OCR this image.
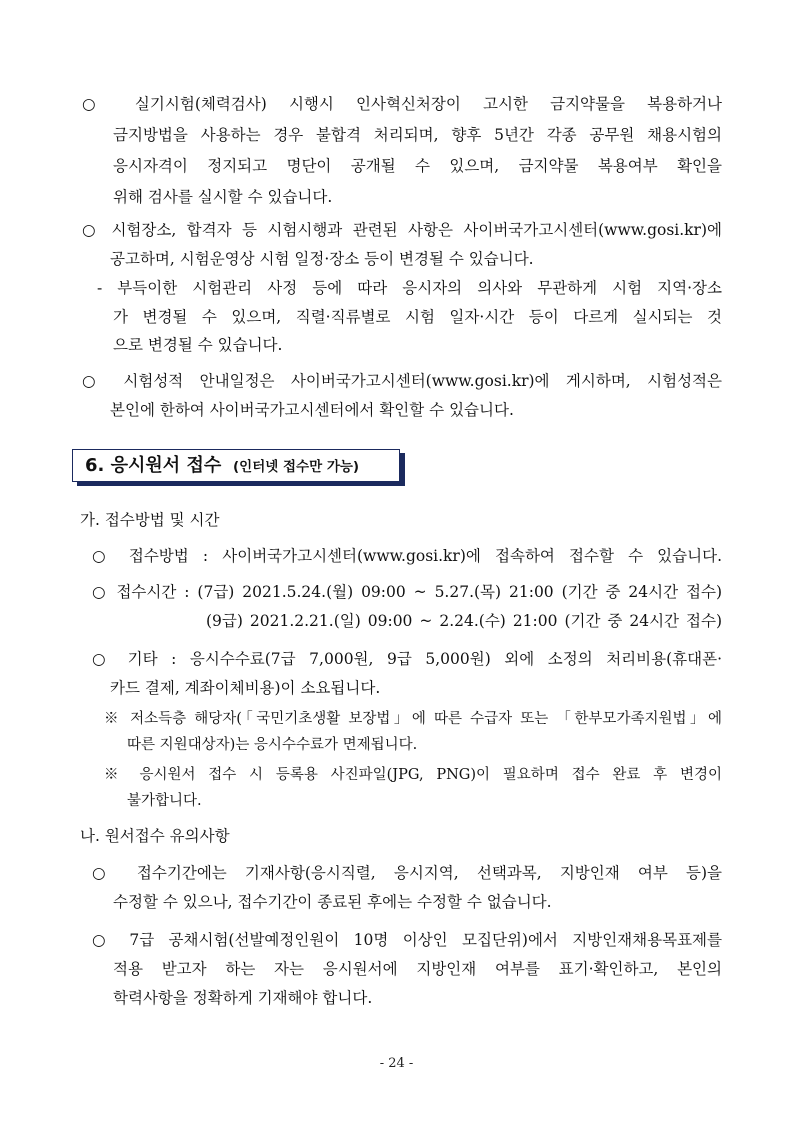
○ 실기시험(체력검사) 시행시 인사혁신처장이 고시한 금지약물을 복용하거나
금지방법을 사용하는 경우 불합격 처리되며, 향후 5년간 각종 공무원 채용시험의
응시자격이 정지되고 명단이 공개될 수 있으며, 금지약물 복용여부 확인을
위해 검사를 실시할 수 있습니다.
○ 시험장소, 합격자 등 시험시행과 관련된 사항은 사이버국가고시센터(www.gosi.kr)에
공고하며, 시험운영상 시험 일정·장소 등이 변경될 수 있습니다.
- 부득이한 시험관리 사정 등에 따라 응시자의 의사와 무관하게 시험 지역·장소
가 변경될 수 있으며, 직렬·직류별로 시험 일자·시간 등이 다르게 실시되는 것
으로 변경될 수 있습니다.
○ 시험성적 안내일정은 사이버국가고시센터(www.gosi.kr)에 게시하며, 시험성적은
본인에 한하여 사이버국가고시센터에서 확인할 수 있습니다.
6. 응시원서 접수 (인터넷 접수만 가능)
가. 접수방법 및 시간
○ 접수방법 : 사이버국가고시센터(www.gosi.kr)에 접속하여 접수할 수 있습니다.
○ 접수시간 : (7급) 2021.5.24.(월) 09:00 ~ 5.27.(목) 21:00 (기간 중 24시간 접수)
(9급) 2021.2.21.(일) 09:00 ~ 2.24.(수) 21:00 (기간 중 24시간 접수)
○ 기타 : 응시수수료(7급 7,000원, 9급 5,000원) 외에 소정의 처리비용(휴대폰·
카드 결제, 계좌이체비용)이 소요됩니다.
※ 저소득층 해당자(「국민기초생활 보장법」에 따른 수급자 또는 「한부모가족지원법」에
따른 지원대상자)는 응시수수료가 면제됩니다.
※ 응시원서 접수 시 등록용 사진파일(JPG, PNG)이 필요하며 접수 완료 후 변경이
불가합니다.
나. 원서접수 유의사항
○ 접수기간에는 기재사항(응시직렬, 응시지역, 선택과목, 지방인재 여부 등)을
수정할 수 있으나, 접수기간이 종료된 후에는 수정할 수 없습니다.
○ 7급 공채시험(선발예정인원이 10명 이상인 모집단위)에서 지방인재채용목표제를
적용 받고자 하는 자는 응시원서에 지방인재 여부를 표기·확인하고, 본인의
학력사항을 정확하게 기재해야 합니다.
- 24 -
